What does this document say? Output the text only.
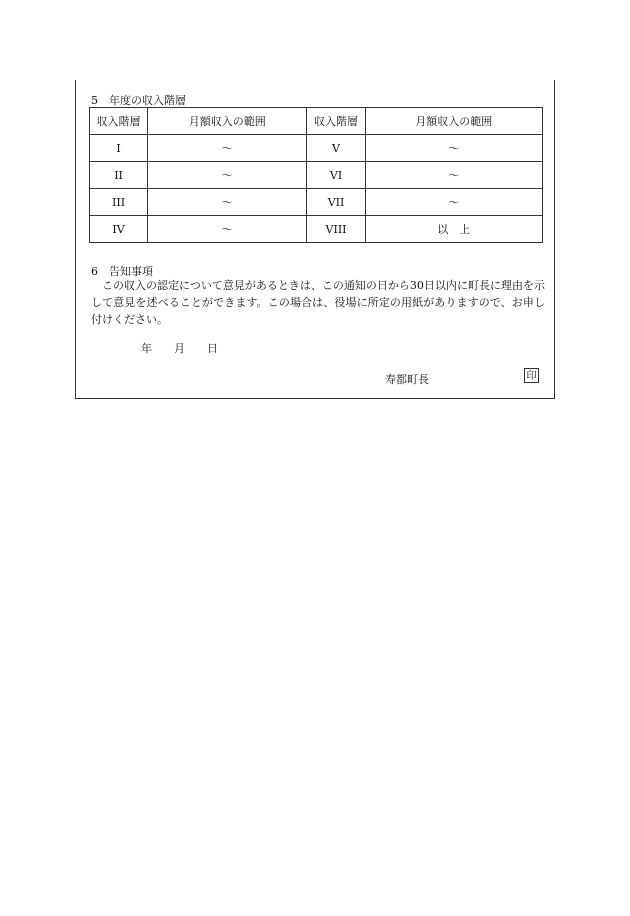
5　年度の収入階層
収入階層	月額収入の範囲	収入階層	月額収入の範囲
I	〜	V	〜
II	〜	VI	〜
III	〜	VII	〜
IV	〜	VIII	以　上
6　告知事項
この収入の認定について意見があるときは、この通知の日から30日以内に町長に理由を示して意見を述べることができます。この場合は、役場に所定の用紙がありますので、お申し付けください。
年 月 日
寿都町長	印
